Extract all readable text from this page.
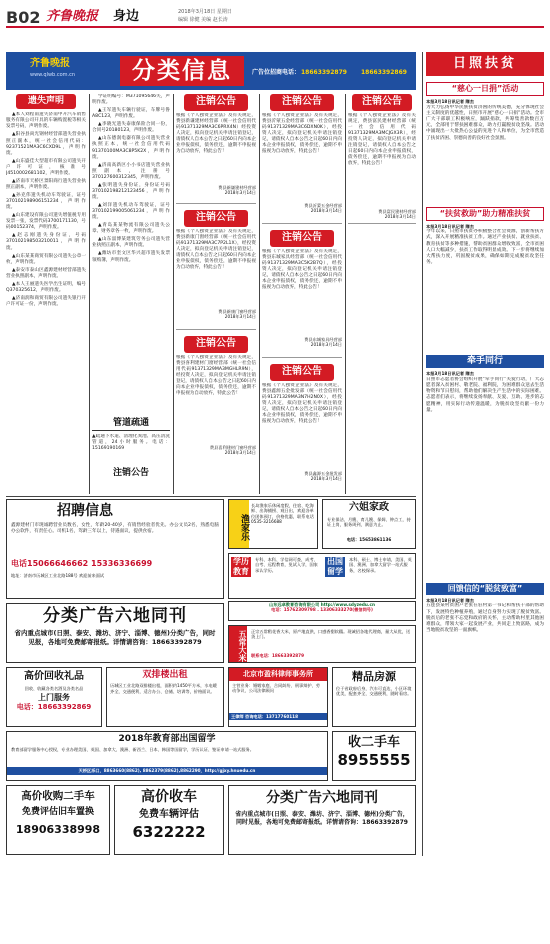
B02 齐鲁晚报 身边	2018年3月18日 星期日
编辑 徐健 美编 赵长涛
齐鲁晚报
www.qlwb.com.cn	分类信息	广告位招商电话： 18663392879 18663392869
遗失声明

▲本人刘程南遗失济南中升汽车销售服务有限公司开具的车辆购置税等相关发票号码，声明作废。

▲阳谷县尚光钢材经营部遗失营业执照正副本，统一社会信用代码：92371521MA3C6CXD9L，声明作废。

▲山东盛佳大型超市有限公司遗失开户许可证，核准号J4510002681102，声明作废。

▲济南市天桥区景阳商行遗失营业执照正副本，声明作废。

▲孙克伟遗失机动车驾驶证，证号370102198906151234，声明作废。

▲山东建设有限公司遗失增值税专用发票一张，发票代码3700171130，号码00152374，声明作废。

▲赵志刚遗失身份证，号码370102198503210011，声明作废。

▲山东某某商贸有限公司遗失公章一枚，声明作废。

▲泰安市泰山区鑫源建材经营部遗失营业执照副本，声明作废。

▲本人王丽遗失医学出生证明，编号Q370325612，声明作废。

▲济南润和商贸有限公司遗失银行开户许可证一份，声明作废。

学证明编号：M371095646失，声明作废。

▲王军遗失车辆行驶证，车牌号鲁A8C123，声明作废。

▲李晓光遗失泰康保险合同一份，合同号20180123，声明作废。

▲山东德润电器有限公司遗失营业执照正本，统一社会信用代码91370100MA3C8P5K2X，声明作废。

▲济南高新区小小书店遗失营业执照副本，注册号370127600312345，声明作废。

▲张明遗失身份证，身份证号码370102198212123456，声明作废。

▲刘洋遗失机动车驾驶证，证号370102199005061234，声明作废。

▲青岛某某物流有限公司遗失公章、财务章各一枚，声明作废。

▲山东淄博某建筑劳务公司遗失营业执照正副本，声明作废。

▲潍坊市奎文区华兴超市遗失发票领购簿，声明作废。

管道疏通
▲疏通下水道、清理化粪池、高压清洗管道，24小时服务。电话：15169190169
注销公告
注销公告
根据《个人独资企业法》及有关规定，费县新谦建材经营部（统一社会信用代码91371329MA3C6PRX4N）经投资人决定，拟向登记机关申请注销登记，请债权人自本公告之日起60日内向本企业申报债权，债务偿还，逾期不申报视为自动放弃，特此公告！
费县新谦建材经营部
2018年3月14日
注销公告
根据《个人独资企业法》及有关规定，费县新康门窗经营部（统一社会信用代码91371329MA3C7P2L1X），经投资人决定，拟向登记机关申请注销登记，请债权人自本公告之日起60日内向本企业申报债权，债务偿还，逾期不申报视为自动放弃，特此公告！
费县新康门窗经营部
2018年3月14日
注销公告
根据《个人独资企业法》及有关规定，费县喜利建材门窗经营部（统一社会信用代码91371329MA3MGHLR9N），经投资人决定，拟向登记机关申请注销登记，请债权人自本公告之日起60日内向本企业申报债权，债务偿还，逾期不申报视为自动放弃，特此公告！
费县喜利建材门窗经营部
2018年3月14日
注销公告
根据《个人独资企业法》及有关规定，费县沂蒙五金经营部（统一社会信用代码91371329MA3C6DXN0K），经投资人决定，拟向登记机关申请注销登记，请债权人自本公告之日起60日内向本企业申报债权，债务偿还，逾期不申报视为自动放弃，特此公告！
费县沂蒙五金经营部
2018年3月14日
注销公告
根据《个人独资企业法》及有关规定，费县东城家具经营部（统一社会信用代码91371329MA3C5K2B7Q），经投资人决定，拟向登记机关申请注销登记，请债权人自本公告之日起60日内向本企业申报债权，债务偿还，逾期不申报视为自动放弃，特此公告！
费县东城家具经营部
2018年3月14日
注销公告
根据《个人独资企业法》及有关规定，费县鑫源五金批发部（统一社会信用代码91371329MA3N7H2N0X），经投资人决定，拟向登记机关申请注销登记，请债权人自本公告之日起60日内向本企业申报债权，债务偿还，逾期不申报视为自动放弃，特此公告！
费县鑫源五金批发部
2018年3月14日
注销公告
根据《个人独资企业法》及有关规定，费县富民建材经营部（统一社会信用代码91371329MA3MCJGX3R），经投资人决定，拟向登记机关申请注销登记，请债权人自本公告之日起60日内向本企业申报债权，债务偿还，逾期不申报视为自动放弃，特此公告！
费县富民建材经营部
2018年3月14日
招聘信息
鑫源建材门市现诚聘营业员数名，女性，年龄20-40岁，有销售经验者优先。办公文员2名，熟悉电脑办公软件，有责任心。司机1名，驾龄三年以上，待遇面议，提供食宿。
电话15066646662 15336336699
地址：济南市历城区工业北路188号 欢迎前来面试
渔家乐
长岛渔家乐休闲度假，住宿、吃海鲜、出海捕捞、观日出，欢迎各单位团体预订，价格优惠，联系电话0535-3216688
六姐家政
专业保洁、月嫂、育儿嫂、保姆、钟点工，持证上岗，服务周到，满意为止。
电话：15653861136
学历教育
专科、本科、学信网可查，成考、自考、远程教育，免试入学，国家承认学历。
出国留学
本科、硕士、博士申请，美国、英国、澳洲、加拿大留学一站式服务，名校保录。
山东远卓教育咨询有限公司 http://www.sdyzedu.cn
电话：15762309798 . 13306333270(微信同号)
分类广告六地同刊
省内重点城市(日照、泰安、潍坊、济宁、淄博、德州)分类广告，同时见报，各地可免费邮寄报纸。详情请咨询：18663392879	五常大米 正宗五常稻花香大米，原产地直供，口感香甜软糯。现诚招各地代理商，量大从优，送货上门。
联系电话：18663392879
高价回收礼品
回收、收藏各类名酒及各类名品
上门服务
电话：18663392869
双排楼出租
历城区工业北路双排楼出租，面积约1450平方米，水电暖齐全，交通便利，适合办公、仓储、培训等，价格面议。
北京市盈科律师事务所
主营业务：婚姻家庭、合同纠纷、刑事辩护、劳动争议、公司法律顾问
王律师 咨询电话：13717760118
精品房源
位于省政府后身，汽车可直达，小区环境优美，配套齐全，交通便利，随时看房。
2018年教育部出国留学
教育部留学服务中心授权，专业办理美国、英国、加拿大、澳洲、新西兰、日本、韩国等国留学，学历认证、签证申请一站式服务。
天桥区泺口，8863660(8862), 8862379(8862),8862290，http://gjxy.hnuedu.cn
收二手车
8955555
高价收购二手车
免费评估旧车置换
18906338998
高价收车
免费车辆评估
6322222
分类广告六地同刊
省内重点城市(日照、泰安、潍坊、济宁、淄博、德州)分类广告，同时见报，各地可免费邮寄报纸。详情请咨询：18663392879
日照扶贫
“慈心一日捐”活动
本报3月18日讯记者 隋杰
为大力弘扬中华民族扶贫济困的传统美德，充分体现社会主义制度的优越性，日照市开展“慈心一日捐”活动。全市广大干部职工积极响应，踊跃捐款，共筹集善款数百万元，全部用于帮扶困难群众，助力打赢脱贫攻坚战。活动中涌现出一大批热心公益的先进个人和单位，为全市营造了扶贫济困、崇德向善的良好社会氛围。
“扶贫救助”助力精准扶贫
本报3月18日讯记者 隋杰
今年以来，日照市扶贫办积极整合社会资源，创新帮扶方式，深入开展精准扶贫工作。通过产业扶贫、就业扶贫、教育扶贫等多种措施，帮助贫困群众增收致富，全市贫困人口大幅减少，扶贫工作取得明显成效。下一步将继续加大帮扶力度，巩固脱贫成果，确保如期完成脱贫攻坚任务。
牵手同行
本报3月18日讯记者 隋杰
日照市志愿者协会组织开展“牵手同行”关爱行动，广大志愿者深入贫困村、敬老院、福利院，为困难群众送去生活物资和节日慰问，帮助他们解决生产生活中的实际困难。志愿者们表示，将继续发扬奉献、友爱、互助、进步的志愿精神，用实际行动传递温暖，为脱贫攻坚贡献一份力量。
回馈信的“脱贫致富”
本报3月18日讯记者 隋杰
五莲县某村贫困户老张在驻村第一书记和帮扶干部的帮助下，发展特色种植养殖，通过自身努力实现了脱贫致富。脱贫后的老张不忘党和政府的关怀，主动帮助村里其他困难群众，带领大家一起发展产业，共同走上致富路，成为当地脱贫攻坚的一面旗帜。
